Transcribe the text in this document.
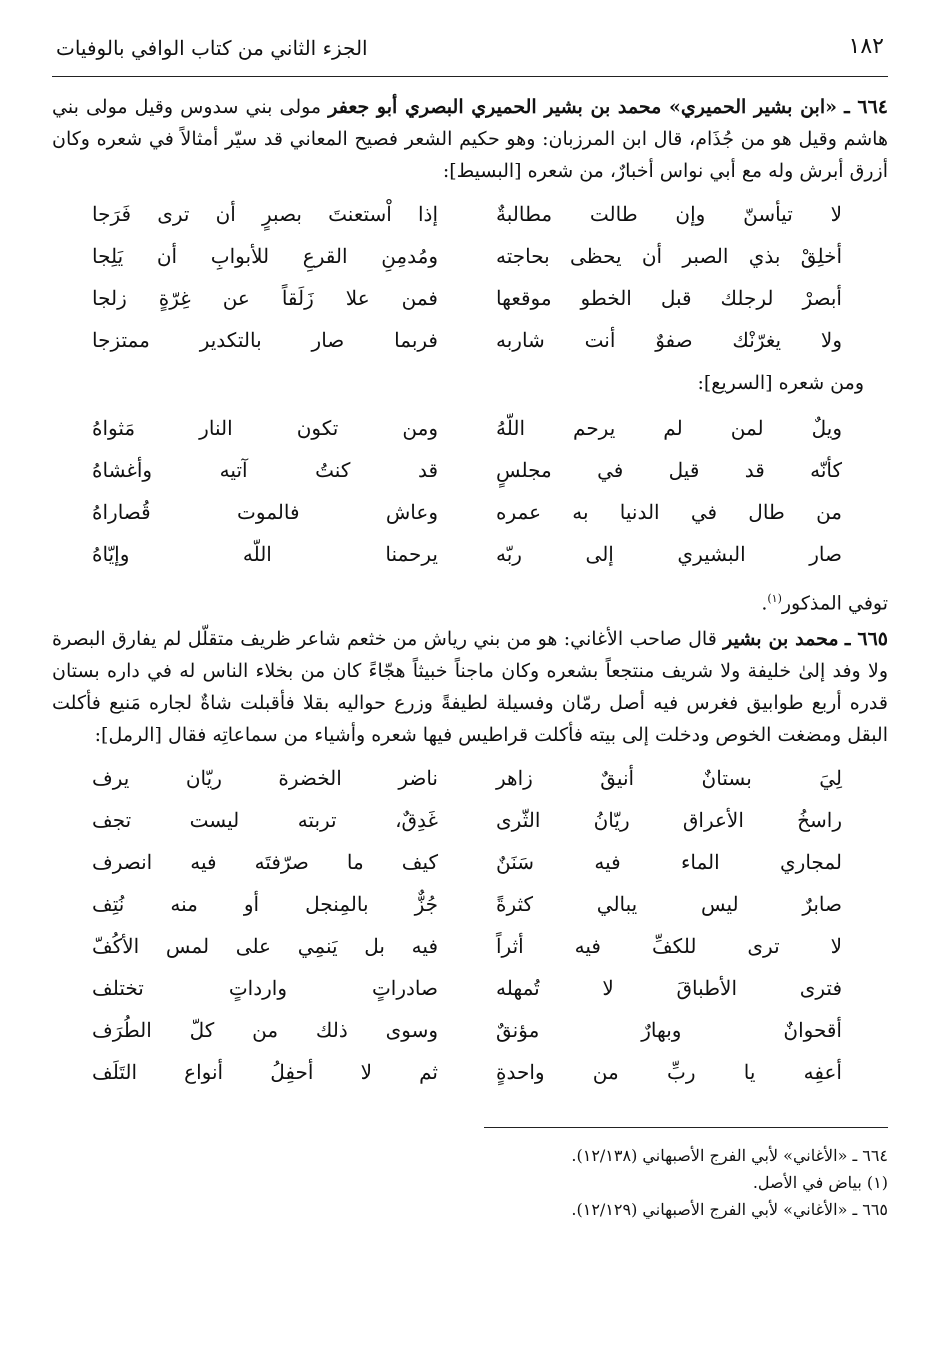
١٨٢
الجزء الثاني من كتاب الوافي بالوفيات

٦٦٤ ـ «ابن بشير الحميري» محمد بن بشير الحميري البصري أبو جعفر مولى بني سدوس وقيل مولى بني هاشم وقيل هو من جُذَام، قال ابن المرزبان: وهو حكيم الشعر فصيح المعاني قد سيّر أمثالاً في شعره وكان أزرق أبرش وله مع أبي نواس أخبارٌ، من شعره [البسيط]:

لا تيأسنّ وإن طالت مطالبةٌ
إذا اْستعنتَ بصبرٍ أن ترى فَرَجا
أخلِقْ بذي الصبر أن يحظى بحاجته
ومُدمِنِ القرعِ للأبوابِ أن يَلِجا
أبصرْ لرجلك قبل الخطو موقعها
فمن علا زَلَقاً عن غِرّةٍ زلجا
ولا يغرّنْك صفوٌ أنت شاربه
فربما صار بالتكدير ممتزجا
ومن شعره [السريع]:
ويلٌ لمن لم يرحم اللّهُ
ومن تكون النار مَثواهُ
كأنّه قد قيل في مجلسٍ
قد كنتُ آتيه وأغشاهُ
من طال في الدنيا به عمره
وعاش فالموت قُصاراهُ
صار البشيري إلى ربّه
يرحمنا اللّه وإيّاهُ
توفي المذكور$^{(١)}$.

٦٦٥ ـ محمد بن بشير قال صاحب الأغاني: هو من بني رياش من خثعم شاعر ظريف متقلّل لم يفارق البصرة ولا وفد إلىٰ خليفة ولا شريف منتجعاً بشعره وكان ماجناً خبيثاً هجّاءً كان من بخلاء الناس له في داره بستان قدره أربع طوابيق فغرس فيه أصل رمّان وفسيلة لطيفةً وزرع حواليه بقلا فأقبلت شاةٌ لجاره مَنيع فأكلت البقل ومضغت الخوص ودخلت إلى بيته فأكلت قراطيس فيها شعره وأشياء من سماعاتِه فقال [الرمل]:

لِيَ بستانٌ أنيقٌ زاهر
ناضر الخضرة ريّان يرف
راسخُ الأعراق ريّانُ الثّرى
غَدِقٌ، تربته ليست تجف
لمجاري الماء فيه سَنَنٌ
كيف ما صرّفتَه فيه انصرف
صابرٌ ليس يبالي كثرةً
جُزٌّ بالمِنجل أو منه نُتِف
لا ترى للكفِّ فيه أثراً
فيه بل يَنمِي على لمس الأكُفّ
فترى الأطباقَ لا تُمهله
صادراتٍ وارداتٍ تختلف
أقحوانٌ وبهارٌ مؤنقٌ
وسوى ذلك من كلّ الطُرَف
أعفِه يا ربِّ من واحدةٍ
ثم لا أحفِلُ أنواع التَلَف
٦٦٤ ـ «الأغاني» لأبي الفرج الأصبهاني (١٢/١٣٨).
(١) بياض في الأصل.
٦٦٥ ـ «الأغاني» لأبي الفرج الأصبهاني (١٢/١٢٩).
